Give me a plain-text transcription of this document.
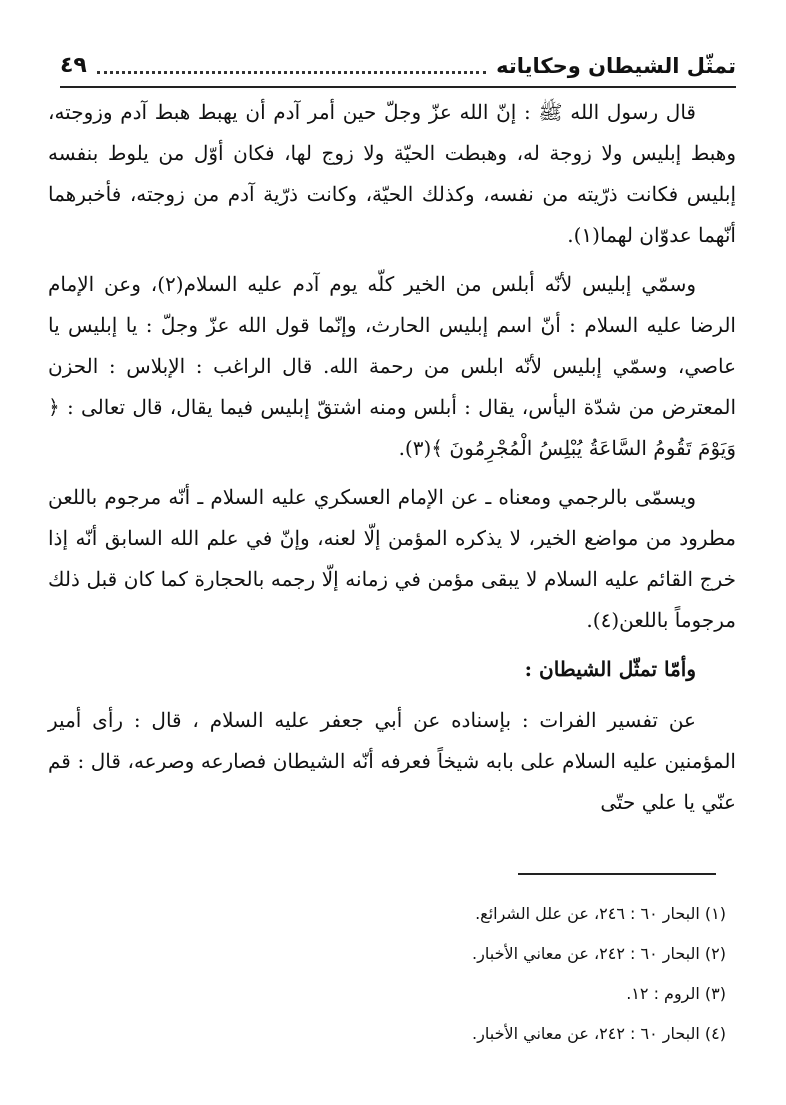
تمثّل الشيطان وحكاياته
٤٩

قال رسول الله ﷺ : إنّ الله عزّ وجلّ حين أمر آدم أن يهبط هبط آدم وزوجته، وهبط إبليس ولا زوجة له، وهبطت الحيّة ولا زوج لها، فكان أوّل من يلوط بنفسه إبليس فكانت ذرّيته من نفسه، وكذلك الحيّة، وكانت ذرّية آدم من زوجته، فأخبرهما أنّهما عدوّان لهما(١).

وسمّي إبليس لأنّه أبلس من الخير كلّه يوم آدم عليه السلام(٢)، وعن الإمام الرضا عليه السلام : أنّ اسم إبليس الحارث، وإنّما قول الله عزّ وجلّ : يا إبليس يا عاصي، وسمّي إبليس لأنّه ابلس من رحمة الله. قال الراغب : الإبلاس : الحزن المعترض من شدّة اليأس، يقال : أبلس ومنه اشتقّ إبليس فيما يقال، قال تعالى : ﴿ وَيَوْمَ تَقُومُ السَّاعَةُ يُبْلِسُ الْمُجْرِمُونَ ﴾(٣).

ويسمّى بالرجمي ومعناه ـ عن الإمام العسكري عليه السلام ـ أنّه مرجوم باللعن مطرود من مواضع الخير، لا يذكره المؤمن إلّا لعنه، وإنّ في علم الله السابق أنّه إذا خرج القائم عليه السلام لا يبقى مؤمن في زمانه إلّا رجمه بالحجارة كما كان قبل ذلك مرجوماً باللعن(٤).

وأمّا تمثّل الشيطان :

عن تفسير الفرات : بإسناده عن أبي جعفر عليه السلام ، قال : رأى أمير المؤمنين عليه السلام على بابه شيخاً فعرفه أنّه الشيطان فصارعه وصرعه، قال : قم عنّي يا علي حتّى

(١) البحار ٦٠ : ٢٤٦، عن علل الشرائع.
(٢) البحار ٦٠ : ٢٤٢، عن معاني الأخبار.
(٣) الروم : ١٢.
(٤) البحار ٦٠ : ٢٤٢، عن معاني الأخبار.
